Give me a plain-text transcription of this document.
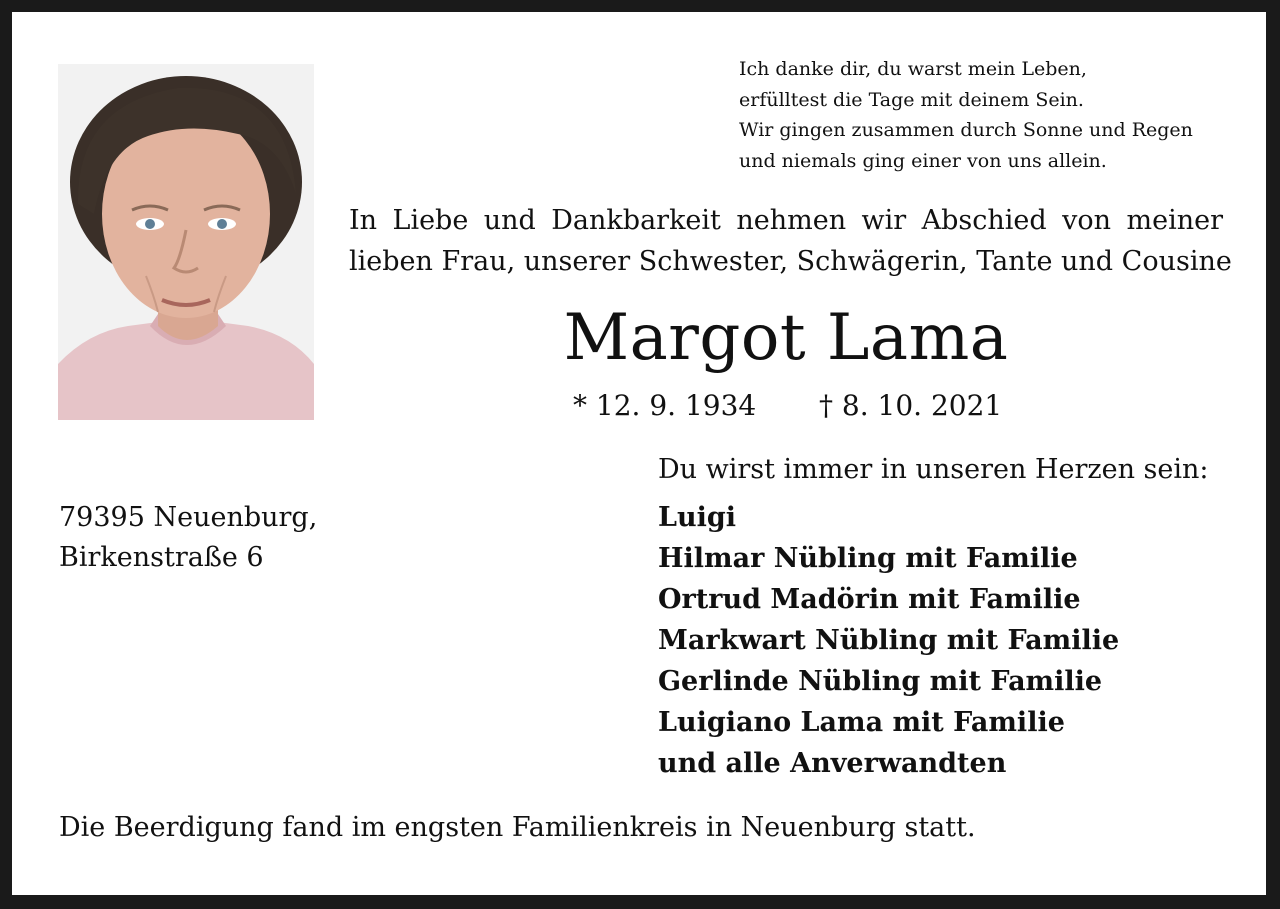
Ich danke dir, du warst mein Leben,
erfülltest die Tage mit deinem Sein.
Wir gingen zusammen durch Sonne und Regen
und niemals ging einer von uns allein.
In Liebe und Dankbarkeit nehmen wir Abschied von meiner
lieben Frau, unserer Schwester, Schwägerin, Tante und Cousine
Margot Lama
* 12. 9. 1934 † 8. 10. 2021
Du wirst immer in unseren Herzen sein:
79395 Neuenburg,
Birkenstraße 6
Luigi
Hilmar Nübling mit Familie
Ortrud Madörin mit Familie
Markwart Nübling mit Familie
Gerlinde Nübling mit Familie
Luigiano Lama mit Familie
und alle Anverwandten
Die Beerdigung fand im engsten Familienkreis in Neuenburg statt.
